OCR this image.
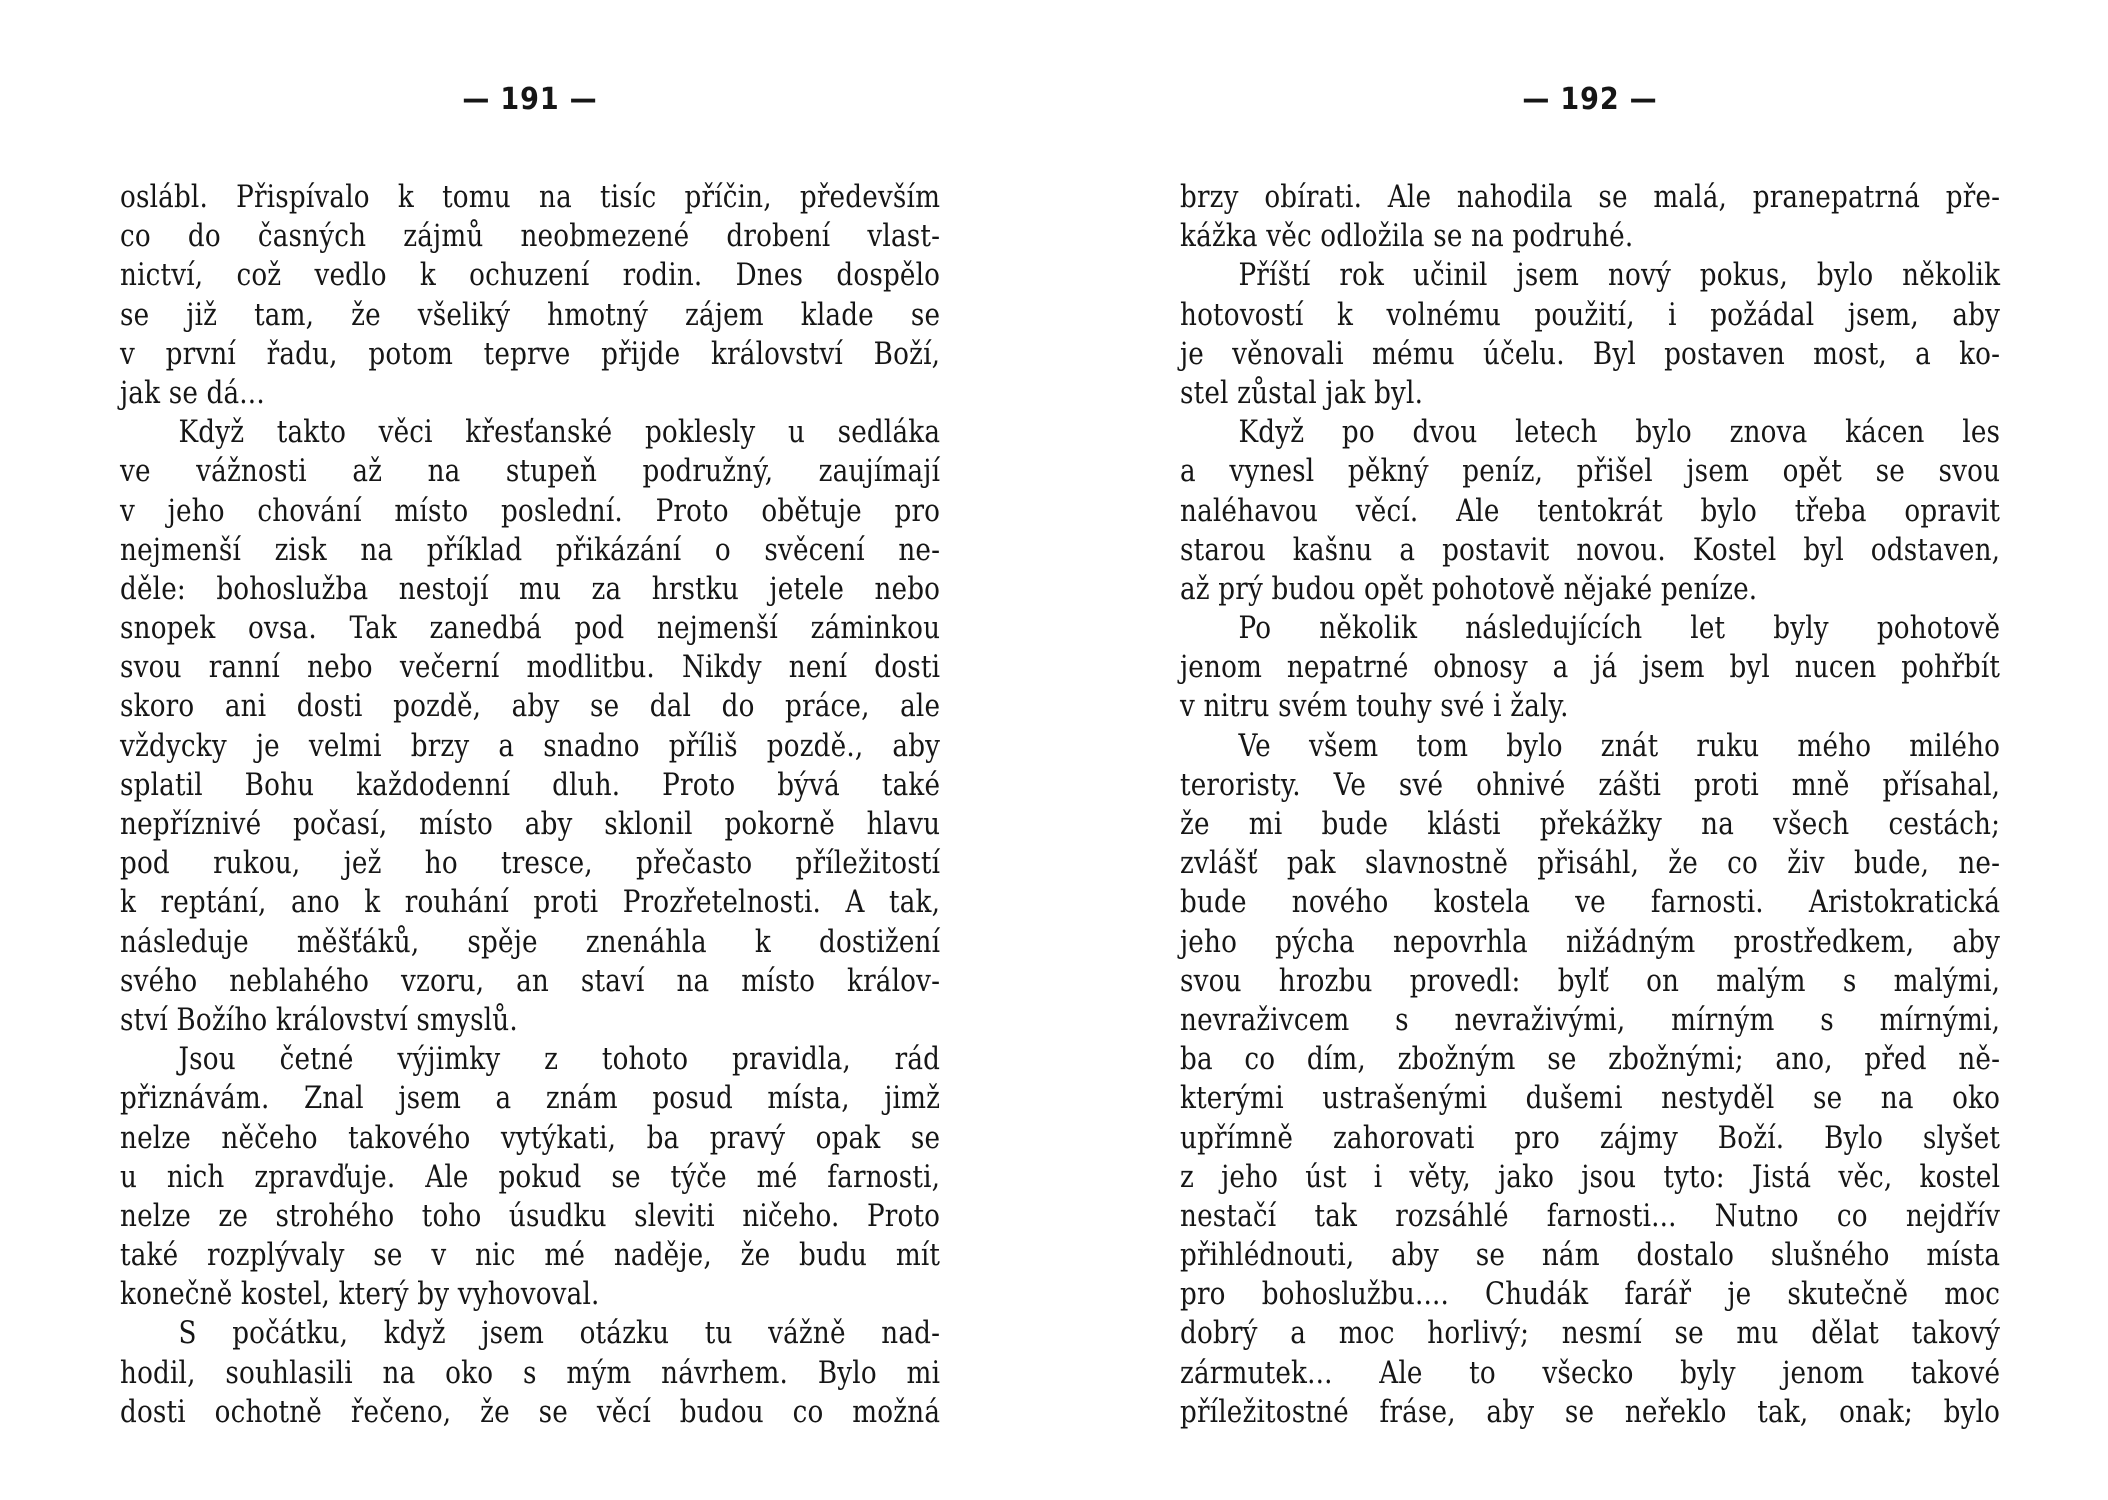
— 191 —
oslábl. Přispívalo k tomu na tisíc příčin, především
co do časných zájmů neobmezené drobení vlast-
nictví, což vedlo k ochuzení rodin. Dnes dospělo
se již tam, že všeliký hmotný zájem klade se
v první řadu, potom teprve přijde království Boží,
jak se dá...
Když takto věci křesťanské poklesly u sedláka
ve vážnosti až na stupeň podružný, zaujímají
v jeho chování místo poslední. Proto obětuje pro
nejmenší zisk na příklad přikázání o svěcení ne-
děle: bohoslužba nestojí mu za hrstku jetele nebo
snopek ovsa. Tak zanedbá pod nejmenší záminkou
svou ranní nebo večerní modlitbu. Nikdy není dosti
skoro ani dosti pozdě, aby se dal do práce, ale
vždycky je velmi brzy a snadno příliš pozdě., aby
splatil Bohu každodenní dluh. Proto bývá také
nepříznivé počasí, místo aby sklonil pokorně hlavu
pod rukou, jež ho tresce, přečasto příležitostí
k reptání, ano k rouhání proti Prozřetelnosti. A tak,
následuje měšťáků, spěje znenáhla k dostižení
svého neblahého vzoru, an staví na místo králov-
ství Božího království smyslů.
Jsou četné výjimky z tohoto pravidla, rád
přiznávám. Znal jsem a znám posud místa, jimž
nelze něčeho takového vytýkati, ba pravý opak se
u nich zpravďuje. Ale pokud se týče mé farnosti,
nelze ze strohého toho úsudku sleviti ničeho. Proto
také rozplývaly se v nic mé naděje, že budu mít
konečně kostel, který by vyhovoval.
S počátku, když jsem otázku tu vážně nad-
hodil, souhlasili na oko s mým návrhem. Bylo mi
dosti ochotně řečeno, že se věcí budou co možná
— 192 —
brzy obírati. Ale nahodila se malá, pranepatrná pře-
kážka věc odložila se na podruhé.
Příští rok učinil jsem nový pokus, bylo několik
hotovostí k volnému použití, i požádal jsem, aby
je věnovali mému účelu. Byl postaven most, a ko-
stel zůstal jak byl.
Když po dvou letech bylo znova kácen les
a vynesl pěkný peníz, přišel jsem opět se svou
naléhavou věcí. Ale tentokrát bylo třeba opravit
starou kašnu a postavit novou. Kostel byl odstaven,
až prý budou opět pohotově nějaké peníze.
Po několik následujících let byly pohotově
jenom nepatrné obnosy a já jsem byl nucen pohřbít
v nitru svém touhy své i žaly.
Ve všem tom bylo znát ruku mého milého
teroristy. Ve své ohnivé zášti proti mně přísahal,
že mi bude klásti překážky na všech cestách;
zvlášť pak slavnostně přisáhl, že co živ bude, ne-
bude nového kostela ve farnosti. Aristokratická
jeho pýcha nepovrhla nižádným prostředkem, aby
svou hrozbu provedl: bylť on malým s malými,
nevraživcem s nevraživými, mírným s mírnými,
ba co dím, zbožným se zbožnými; ano, před ně-
kterými ustrašenými dušemi nestyděl se na oko
upřímně zahorovati pro zájmy Boží. Bylo slyšet
z jeho úst i věty, jako jsou tyto: Jistá věc, kostel
nestačí tak rozsáhlé farnosti... Nutno co nejdřív
přihlédnouti, aby se nám dostalo slušného místa
pro bohoslužbu.... Chudák farář je skutečně moc
dobrý a moc horlivý; nesmí se mu dělat takový
zármutek... Ale to všecko byly jenom takové
příležitostné fráse, aby se neřeklo tak, onak; bylo
